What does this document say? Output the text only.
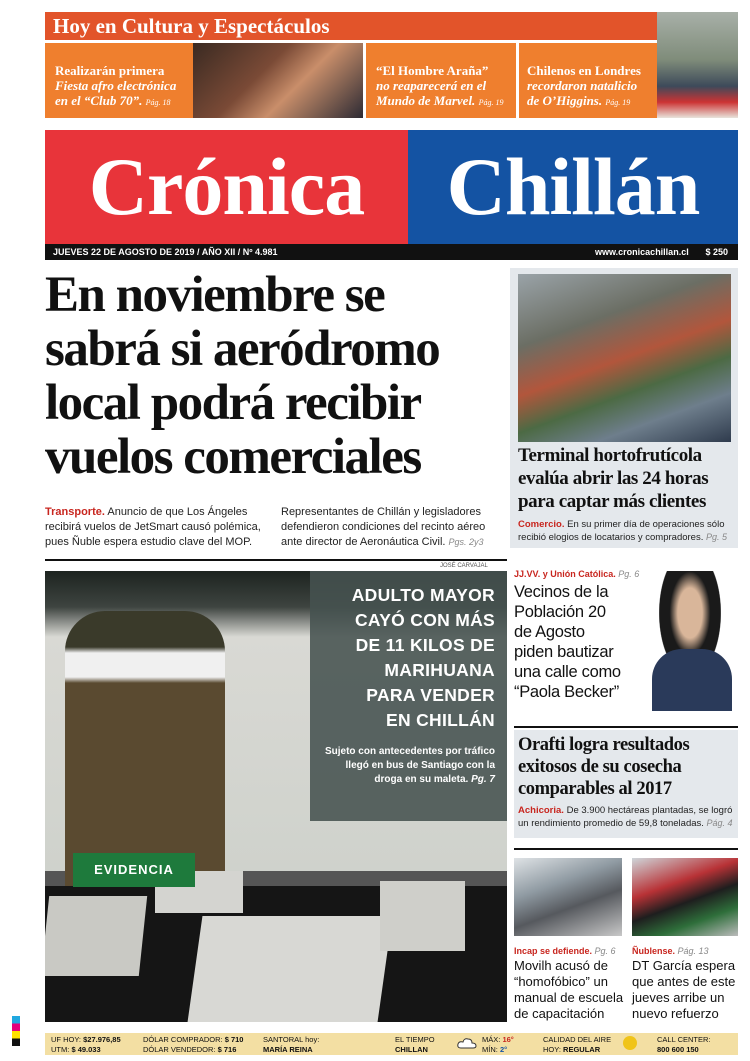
Hoy en Cultura y Espectáculos
Realizarán primera
Fiesta afro electrónica
en el “Club 70”. Pág. 18
“El Hombre Araña”
no reaparecerá en el
Mundo de Marvel. Pág. 19
Chilenos en Londres
recordaron natalicio
de O’Higgins. Pág. 19
Crónica	Chillán
JUEVES 22 DE AGOSTO DE 2019 / AÑO XII / Nº 4.981	www.cronicachillan.cl $ 250
En noviembre se
sabrá si aeródromo
local podrá recibir
vuelos comerciales
Transporte. Anuncio de que Los Ángeles recibirá vuelos de JetSmart causó polémica, pues Ñuble espera estudio clave del MOP.
Representantes de Chillán y legisladores defendieron condiciones del recinto aéreo ante director de Aeronáutica Civil. Pgs. 2y3
Terminal hortofrutícola evalúa abrir las 24 horas para captar más clientes
Comercio. En su primer día de operaciones sólo recibió elogios de locatarios y compradores. Pg. 5
JJ.VV. y Unión Católica. Pg. 6
Vecinos de la
Población 20
de Agosto
piden bautizar
una calle como
“Paola Becker”
Orafti logra resultados exitosos de su cosecha comparables al 2017
Achicoria. De 3.900 hectáreas plantadas, se logró un rendimiento promedio de 59,8 toneladas. Pág. 4
Incap se defiende. Pg. 6
Movilh acusó de
“homofóbico” un
manual de escuela
de capacitación
Ñublense. Pág. 13
DT García espera
que antes de este
jueves arribe un
nuevo refuerzo
JOSÉ CARVAJAL
EVIDENCIA
ADULTO MAYOR
CAYÓ CON MÁS
DE 11 KILOS DE
MARIHUANA
PARA VENDER
EN CHILLÁN
Sujeto con antecedentes por tráfico llegó en bus de Santiago con la droga en su maleta. Pg. 7
UF HOY: $27.976,85
UTM: $ 49.033
DÓLAR COMPRADOR: $ 710
DÓLAR VENDEDOR: $ 716
SANTORAL hoy:
MARÍA REINA
EL TIEMPO
CHILLAN
MÁX: 16°
MÍN: 2°
CALIDAD DEL AIRE
HOY: REGULAR
CALL CENTER:
800 600 150
